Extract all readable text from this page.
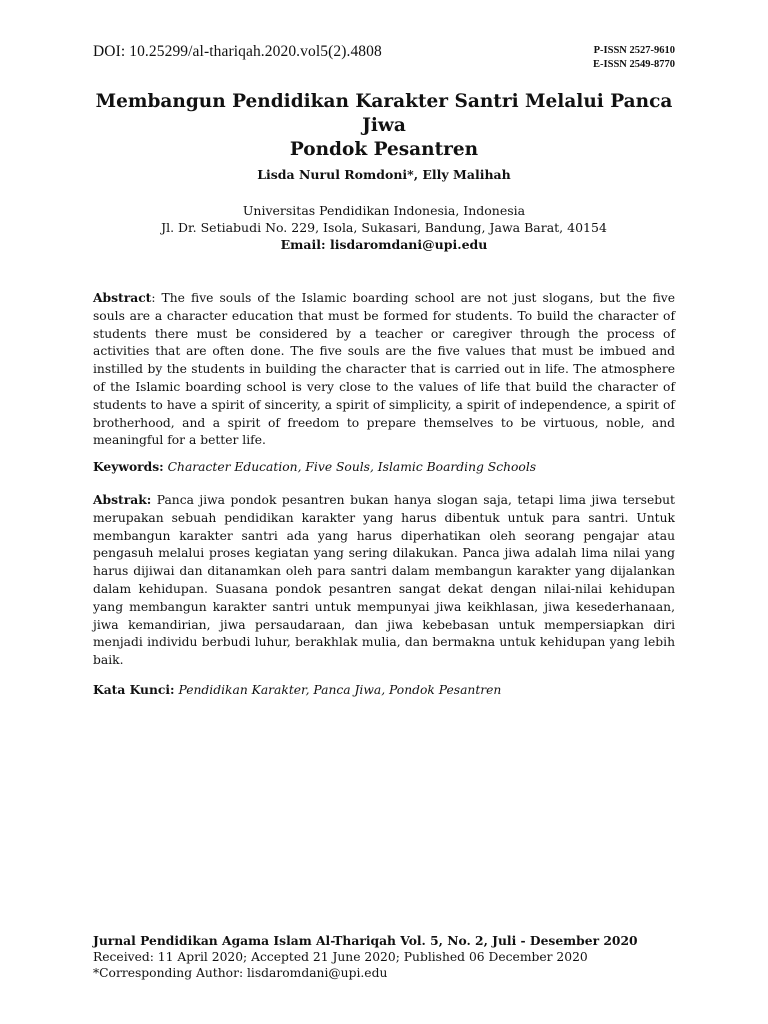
DOI: 10.25299/al-thariqah.2020.vol5(2).4808	P-ISSN 2527-9610
E-ISSN 2549-8770
Membangun Pendidikan Karakter Santri Melalui Panca Jiwa
Pondok Pesantren
Lisda Nurul Romdoni*, Elly Malihah
Universitas Pendidikan Indonesia, Indonesia
Jl. Dr. Setiabudi No. 229, Isola, Sukasari, Bandung, Jawa Barat, 40154
Email: lisdaromdani@upi.edu

Abstract: The five souls of the Islamic boarding school are not just slogans, but the five souls are a character education that must be formed for students. To build the character of students there must be considered by a teacher or caregiver through the process of activities that are often done. The five souls are the five values that must be imbued and instilled by the students in building the character that is carried out in life. The atmosphere of the Islamic boarding school is very close to the values of life that build the character of students to have a spirit of sincerity, a spirit of simplicity, a spirit of independence, a spirit of brotherhood, and a spirit of freedom to prepare themselves to be virtuous, noble, and meaningful for a better life.

Keywords: Character Education, Five Souls, Islamic Boarding Schools

Abstrak: Panca jiwa pondok pesantren bukan hanya slogan saja, tetapi lima jiwa tersebut merupakan sebuah pendidikan karakter yang harus dibentuk untuk para santri. Untuk membangun karakter santri ada yang harus diperhatikan oleh seorang pengajar atau pengasuh melalui proses kegiatan yang sering dilakukan. Panca jiwa adalah lima nilai yang harus dijiwai dan ditanamkan oleh para santri dalam membangun karakter yang dijalankan dalam kehidupan. Suasana pondok pesantren sangat dekat dengan nilai-nilai kehidupan yang membangun karakter santri untuk mempunyai jiwa keikhlasan, jiwa kesederhanaan, jiwa kemandirian, jiwa persaudaraan, dan jiwa kebebasan untuk mempersiapkan diri menjadi individu berbudi luhur, berakhlak mulia, dan bermakna untuk kehidupan yang lebih baik.

Kata Kunci: Pendidikan Karakter, Panca Jiwa, Pondok Pesantren

Jurnal Pendidikan Agama Islam Al-Thariqah Vol. 5, No. 2, Juli - Desember 2020
Received: 11 April 2020; Accepted 21 June 2020; Published 06 December 2020
*Corresponding Author: lisdaromdani@upi.edu
